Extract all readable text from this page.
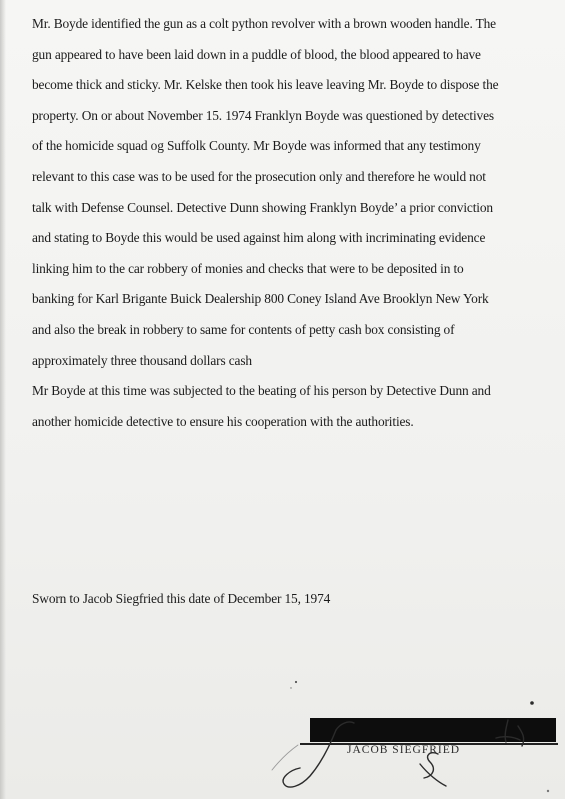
Mr. Boyde identified the gun as a colt python revolver with a brown wooden handle. The
gun appeared to have been laid down in a puddle of blood, the blood appeared to have
become thick and sticky. Mr. Kelske then took his leave leaving Mr. Boyde to dispose the
property. On or about November 15. 1974 Franklyn Boyde was questioned by detectives
of the homicide squad og Suffolk County. Mr Boyde was informed that any testimony
relevant to this case was to be used for the prosecution only and therefore he would not
talk with Defense Counsel. Detective Dunn showing Franklyn Boyde’ a prior conviction
and stating to Boyde this would be used against him along with incriminating evidence
linking him to the car robbery of monies and checks that were to be deposited in to
banking for Karl Brigante Buick Dealership 800 Coney Island Ave Brooklyn New York
and also the break in robbery to same for contents of petty cash box consisting of
approximately three thousand dollars cash
Mr Boyde at this time was subjected to the beating of his person by Detective Dunn and
another homicide detective to ensure his cooperation with the authorities.
Sworn to Jacob Siegfried this date of December 15, 1974
JACOB SIEGFRIED
